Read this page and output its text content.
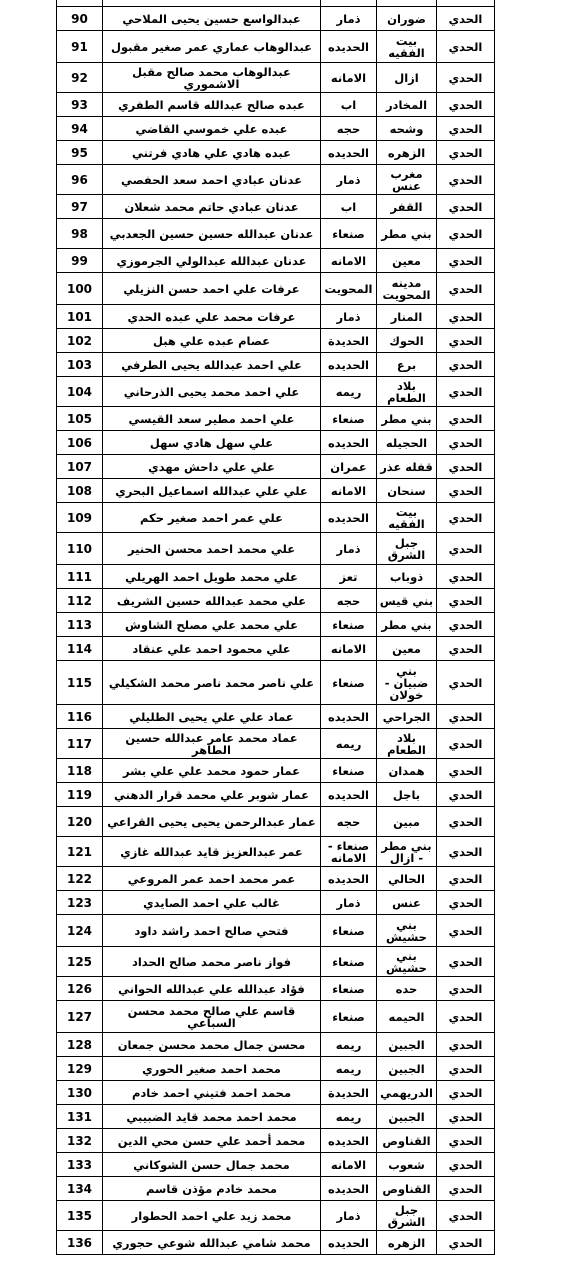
الحدي	ضوران	ذمار	عبدالواسع حسين يحيى الملاحي	90
الحدي	بيت الفقيه	الحديده	عبدالوهاب عماري عمر صغير مقبول	91
الحدي	ازال	الامانه	عبدالوهاب محمد صالح مقبل الاشموري	92
الحدي	المخادر	اب	عبده صالح عبدالله قاسم الطفري	93
الحدي	وشحه	حجه	عبده علي خموسي القاضي	94
الحدي	الزهره	الحديده	عبده هادي علي هادي فرتني	95
الحدي	مغرب عنس	ذمار	عدنان عبادي احمد سعد الحفصي	96
الحدي	القفر	اب	عدنان عبادي حاتم محمد شعلان	97
الحدي	بني مطر	صنعاء	عدنان عبدالله حسين حسين الجعدبي	98
الحدي	معين	الامانه	عدنان عبدالله عبدالولي الجرموزي	99
الحدي	مدينه المحويت	المحويت	عرفات علي احمد حسن النزيلي	100
الحدي	المنار	ذمار	عرفات محمد علي عبده الحدي	101
الحدي	الحوك	الحديدة	عصام عبده علي هبل	102
الحدي	برع	الحديده	علي احمد عبدالله يحيى الطرفي	103
الحدي	بلاد الطعام	ريمه	علي احمد محمد يحيى الذرحاني	104
الحدي	بني مطر	صنعاء	علي احمد مطير سعد القيسي	105
الحدي	الحجيله	الحديده	علي سهل هادي سهل	106
الحدي	قفله عذر	عمران	علي علي داحش مهدي	107
الحدي	سنحان	الامانه	علي علي عبدالله اسماعيل البحري	108
الحدي	بيت الفقيه	الحديده	علي عمر احمد صغير حكم	109
الحدي	جبل الشرق	ذمار	علي محمد احمد محسن الحنير	110
الحدي	ذوباب	تعز	علي محمد طويل احمد الهريلي	111
الحدي	بني قيس	حجه	علي محمد عبدالله حسين الشريف	112
الحدي	بني مطر	صنعاء	علي محمد علي مصلح الشاوش	113
الحدي	معين	الامانه	علي محمود احمد علي عنقاد	114
الحدي	بني ضبيان - خولان	صنعاء	علي ناصر محمد ناصر محمد الشكيلي	115
الحدي	الجراحي	الحديده	عماد علي علي يحيى الطليلي	116
الحدي	بلاد الطعام	ريمه	عماد محمد عامر عبدالله حسين الطاهر	117
الحدي	همدان	صنعاء	عمار حمود محمد علي علي بشر	118
الحدي	باجل	الحديده	عمار شوبر علي محمد قرار الدهني	119
الحدي	مبين	حجه	عمار عبدالرحمن يحيى يحيى القراعي	120
الحدي	بني مطر - ازال	صنعاء - الامانه	عمر عبدالعزيز قايد عبدالله غازي	121
الحدي	الحالي	الحديده	عمر محمد احمد عمر المروعي	122
الحدي	عنس	ذمار	غالب علي احمد الصايدي	123
الحدي	بني حشيش	صنعاء	فتحي صالح احمد راشد داود	124
الحدي	بني حشيش	صنعاء	فواز ناصر محمد صالح الحداد	125
الحدي	حده	صنعاء	فؤاد عبدالله علي عبدالله الحواني	126
الحدي	الحيمه	صنعاء	قاسم علي صالح محمد محسن السباعي	127
الحدي	الجبين	ريمه	محسن جمال محمد محسن جمعان	128
الحدي	الجبين	ريمه	محمد احمد صغير الحوري	129
الحدي	الدريهمي	الحديدة	محمد احمد فتيني احمد خادم	130
الحدي	الجبين	ريمه	محمد احمد محمد قايد الضبيبي	131
الحدي	القناوص	الحديده	محمد أحمد علي حسن محي الدين	132
الحدي	شعوب	الامانه	محمد جمال حسن الشوكاني	133
الحدي	القناوص	الحديده	محمد خادم مؤذن قاسم	134
الحدي	جبل الشرق	ذمار	محمد زيد علي احمد الحطوار	135
الحدي	الزهره	الحديده	محمد شامي عبدالله شوعي حجوري	136
